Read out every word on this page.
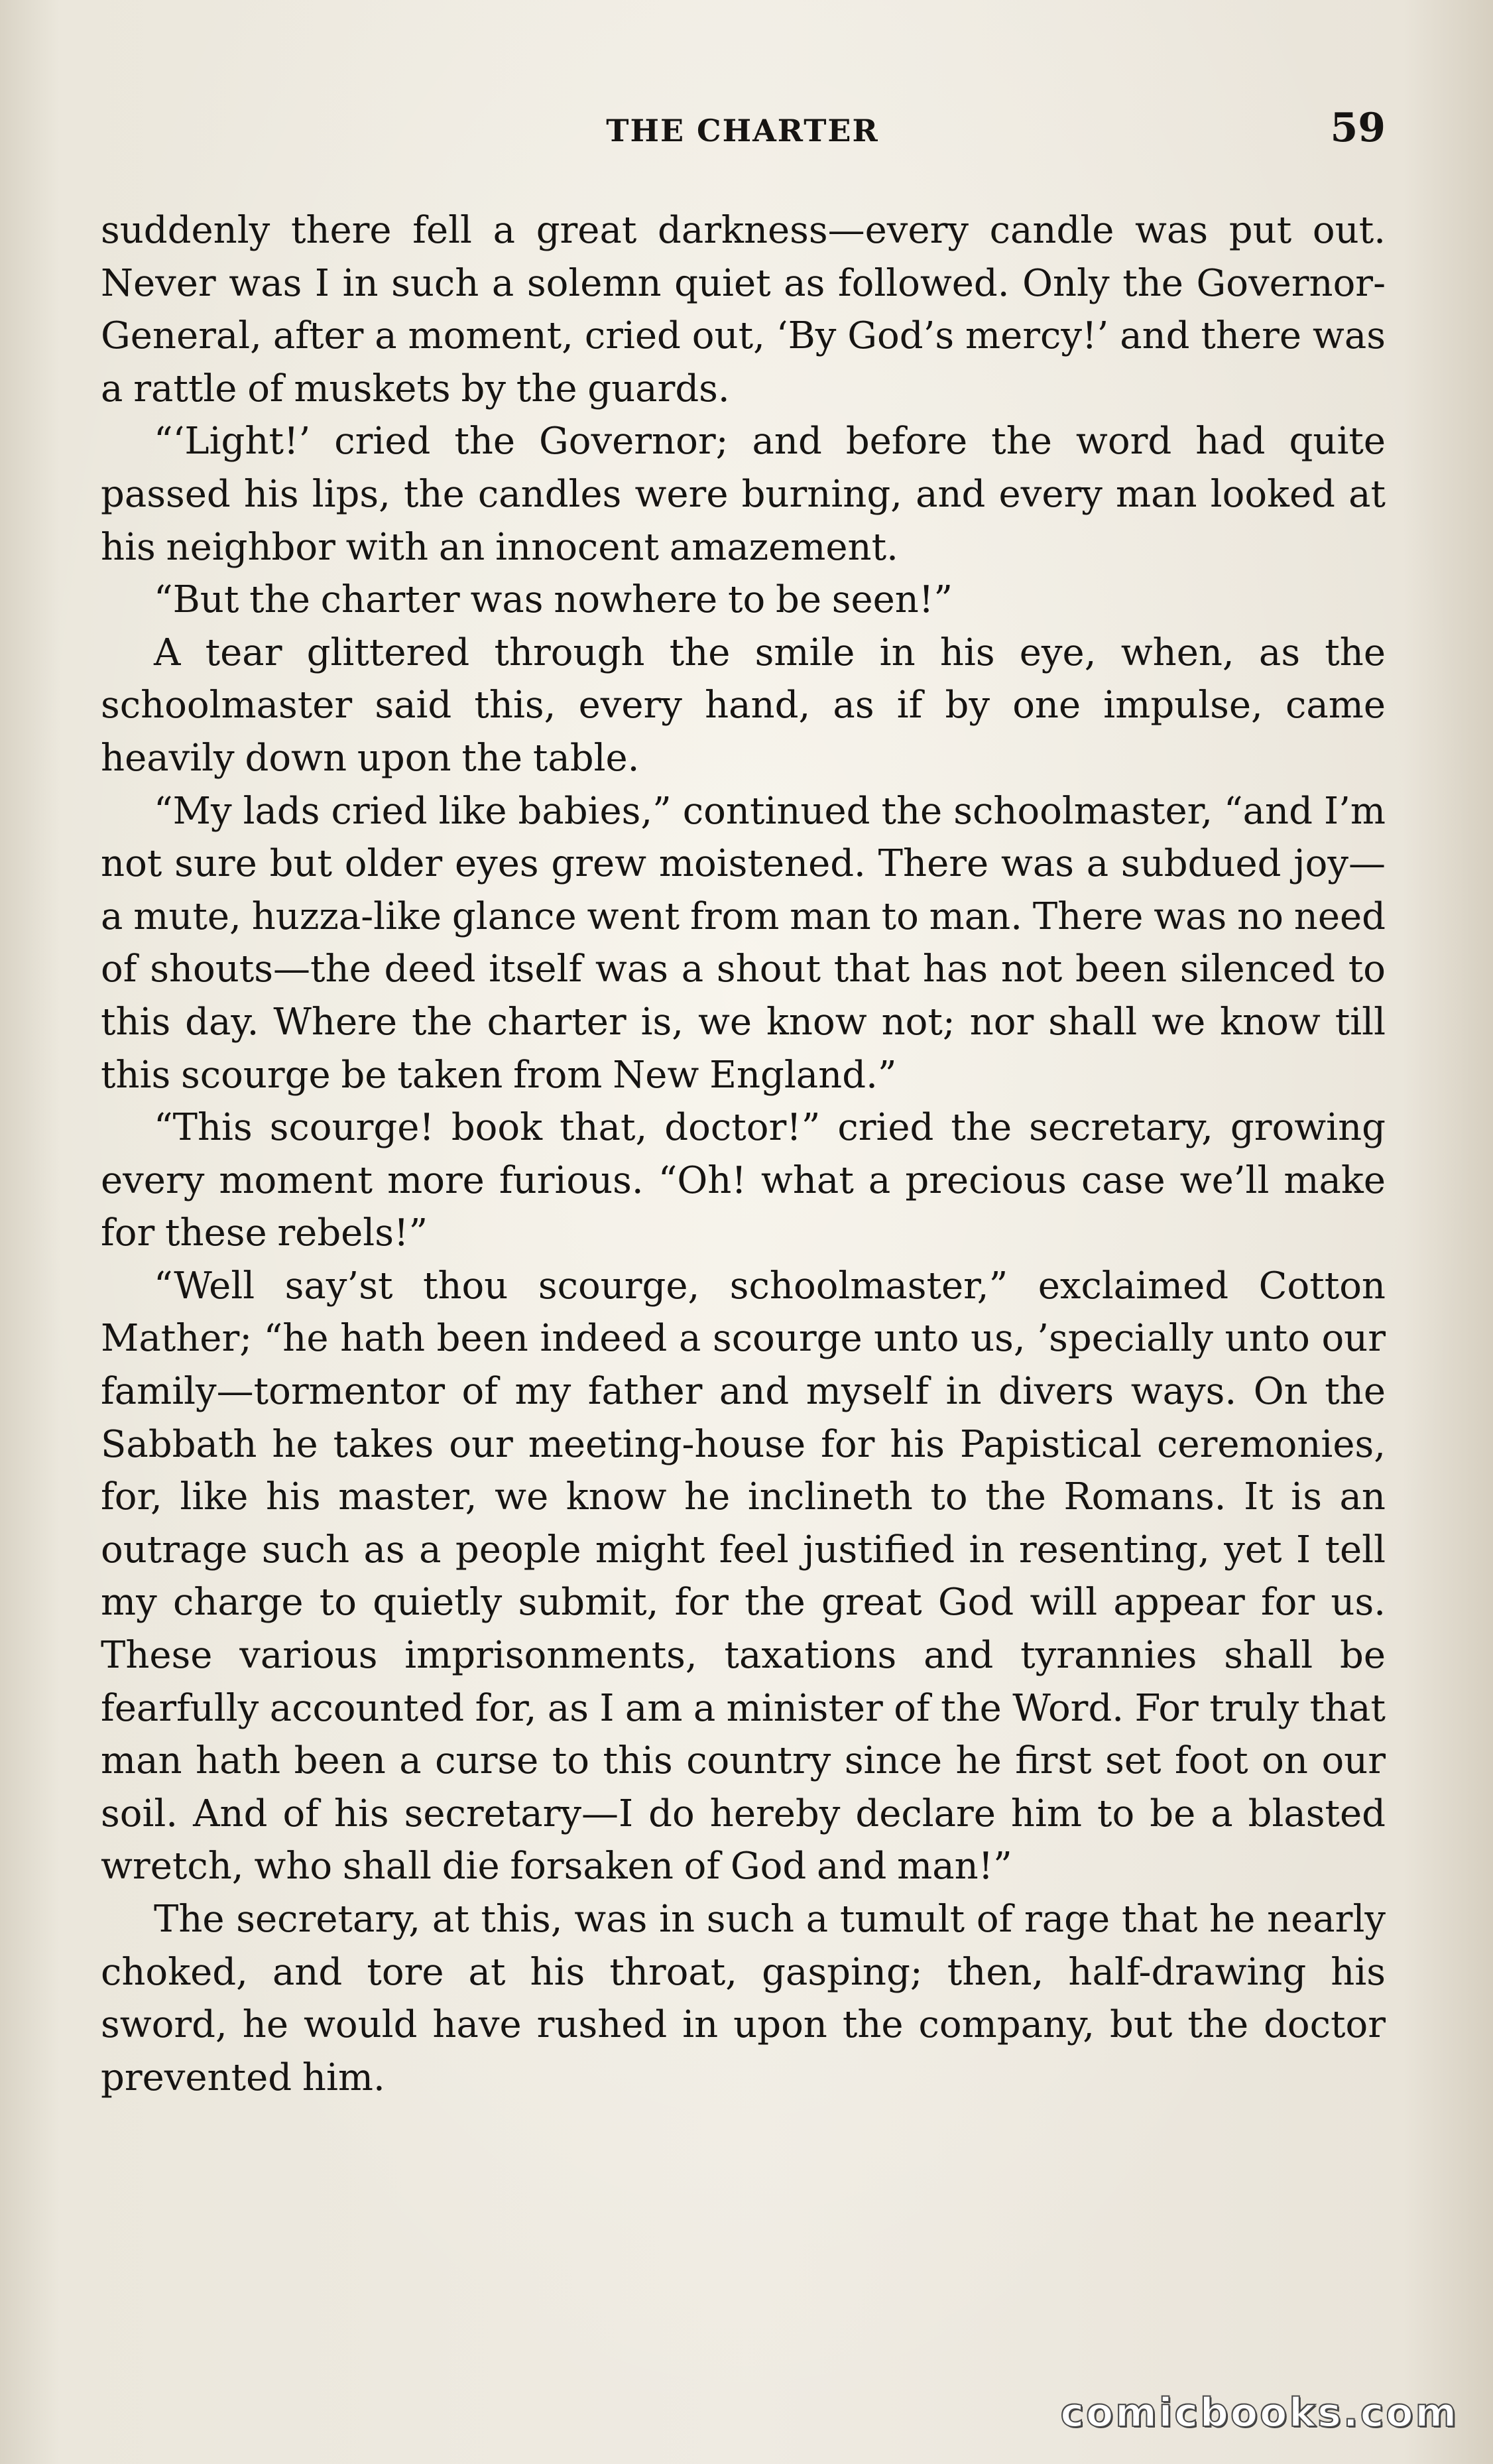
THE CHARTER	59

suddenly there fell a great darkness—every candle was put out. Never was I in such a solemn quiet as followed. Only the Governor-General, after a moment, cried out, ‘By God’s mercy!’ and there was a rattle of muskets by the guards.

“‘Light!’ cried the Governor; and before the word had quite passed his lips, the candles were burning, and every man looked at his neighbor with an innocent amazement.

“But the charter was nowhere to be seen!”

A tear glittered through the smile in his eye, when, as the schoolmaster said this, every hand, as if by one impulse, came heavily down upon the table.

“My lads cried like babies,” continued the schoolmaster, “and I’m not sure but older eyes grew moistened. There was a subdued joy—a mute, huzza-like glance went from man to man. There was no need of shouts—the deed itself was a shout that has not been silenced to this day. Where the charter is, we know not; nor shall we know till this scourge be taken from New England.”

“This scourge! book that, doctor!” cried the secretary, growing every moment more furious. “Oh! what a precious case we’ll make for these rebels!”

“Well say’st thou scourge, schoolmaster,” exclaimed Cotton Mather; “he hath been indeed a scourge unto us, ’specially unto our family—tormentor of my father and myself in divers ways. On the Sabbath he takes our meeting-house for his Papistical ceremonies, for, like his master, we know he inclineth to the Romans. It is an outrage such as a people might feel justified in resenting, yet I tell my charge to quietly submit, for the great God will appear for us. These various imprisonments, taxations and tyrannies shall be fearfully accounted for, as I am a minister of the Word. For truly that man hath been a curse to this country since he first set foot on our soil. And of his secretary—I do hereby declare him to be a blasted wretch, who shall die forsaken of God and man!”

The secretary, at this, was in such a tumult of rage that he nearly choked, and tore at his throat, gasping; then, half-drawing his sword, he would have rushed in upon the company, but the doctor prevented him.

comicbooks.com
